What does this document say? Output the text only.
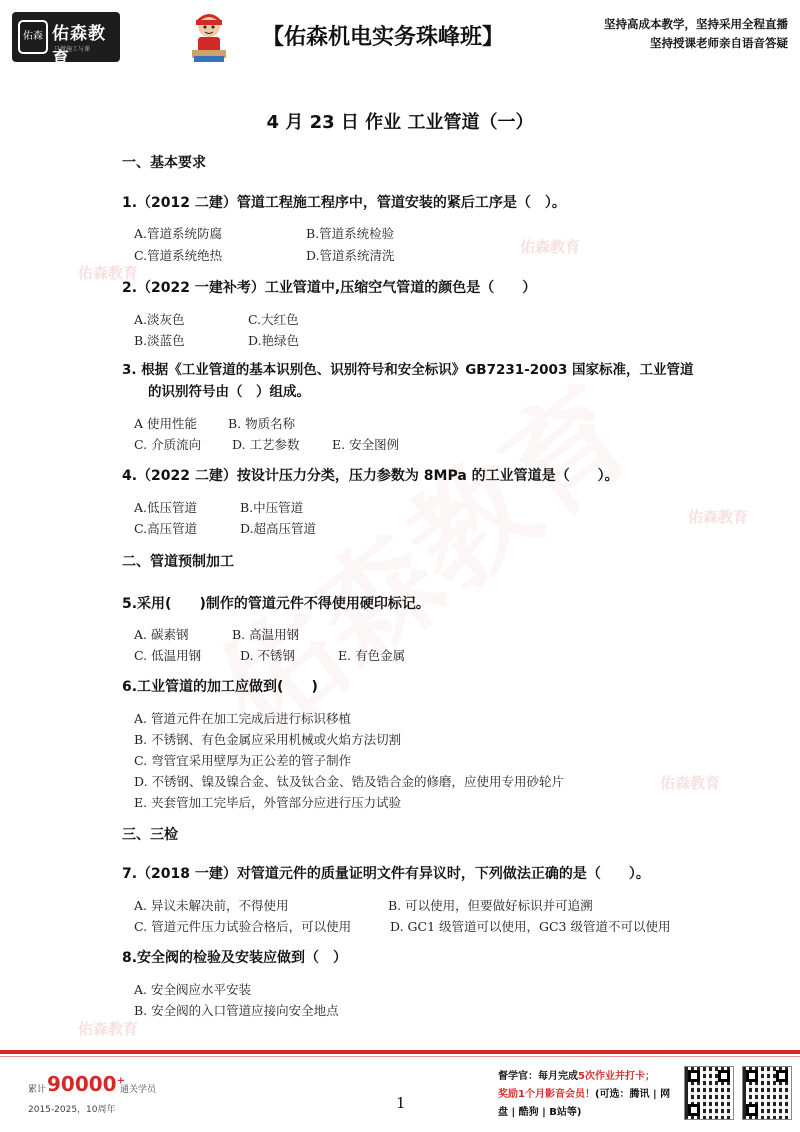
佑森 佑森教育
只做施工与课	【佑森机电实务珠峰班】
坚持高成本教学，坚持采用全程直播
坚持授课老师亲自语音答疑
佑森教育
佑森教育
佑森教育
佑森教育
佑森教育
4 月 23 日 作业 工业管道（一）
一、基本要求
1.（2012 二建）管道工程施工程序中，管道安装的紧后工序是（　）。
A.管道系统防腐	B.管道系统检验
C.管道系统绝热	D.管道系统清洗
2.（2022 一建补考）工业管道中,压缩空气管道的颜色是（　　）
A.淡灰色	C.大红色
B.淡蓝色	D.艳绿色
3. 根据《工业管道的基本识别色、识别符号和安全标识》GB7231-2003 国家标准，工业管道
的识别符号由（　）组成。
A 使用性能 B. 物质名称
C. 介质流向 D. 工艺参数	E. 安全图例
4.（2022 二建）按设计压力分类，压力参数为 8MPa 的工业管道是（　　）。
A.低压管道	B.中压管道
C.高压管道	D.超高压管道
二、管道预制加工
5.采用(　　)制作的管道元件不得使用硬印标记。
A. 碳素钢	B. 高温用钢
C. 低温用钢	D. 不锈钢	E. 有色金属
6.工业管道的加工应做到(　　)
A. 管道元件在加工完成后进行标识移植
B. 不锈钢、有色金属应采用机械或火焰方法切割
C. 弯管宜采用壁厚为正公差的管子制作
D. 不锈钢、镍及镍合金、钛及钛合金、锆及锆合金的修磨，应使用专用砂轮片
E. 夹套管加工完毕后，外管部分应进行压力试验
三、三检
7.（2018 一建）对管道元件的质量证明文件有异议时，下列做法正确的是（　　）。
A. 异议未解决前，不得使用	B. 可以使用，但要做好标识并可追溯
C. 管道元件压力试验合格后，可以使用	D. GC1 级管道可以使用，GC3 级管道不可以使用
8.安全阀的检验及安装应做到（　）
A. 安全阀应水平安装
B. 安全阀的入口管道应接向安全地点
累计 90000+
通关学员
2015-2025，10周年	1
督学官：每月完成5次作业并打卡；
奖励1个月影音会员！(可选：腾讯 | 网盘 | 酷狗 | B站等)
